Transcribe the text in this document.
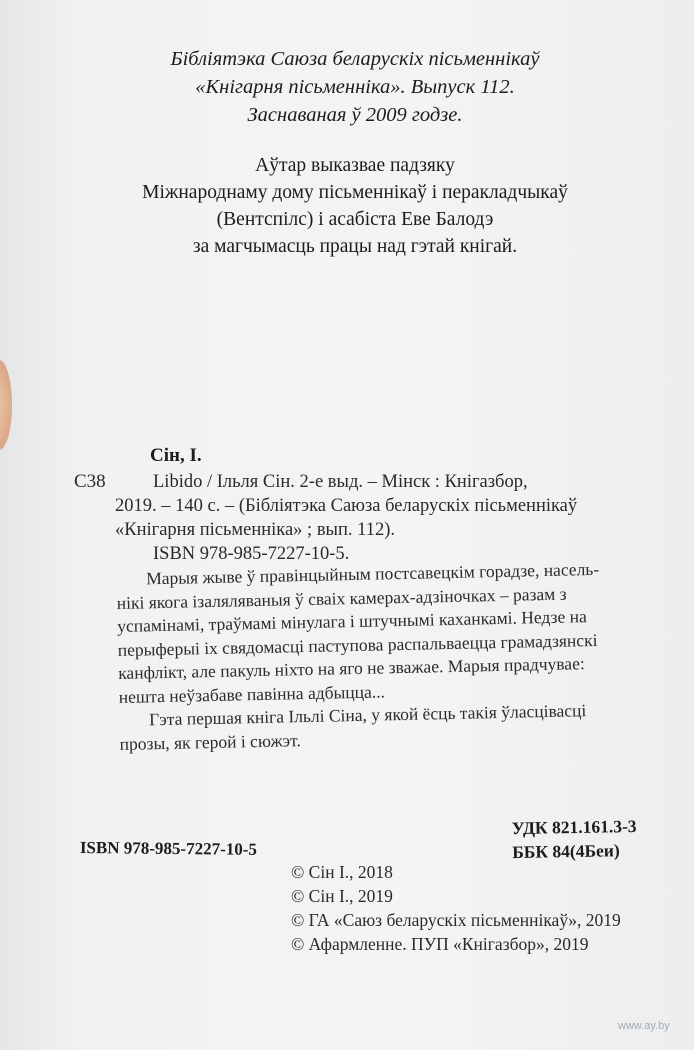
Бібліятэка Саюза беларускіх пісьменнікаў
«Кнігарня пісьменніка». Выпуск 112.
Заснаваная ў 2009 годзе.
Аўтар выказвае падзяку
Міжнароднаму дому пісьменнікаў і перакладчыкаў
(Вентспілс) і асабіста Еве Балодэ
за магчымасць працы над гэтай кнігай.
Сін, І.
С38	Libido / Ільля Сін. 2-е выд. – Мінск : Кнігазбор,
2019. – 140 с. – (Бібліятэка Саюза беларускіх пісьменнікаў
«Кнігарня пісьменніка» ; вып. 112).
ISBN 978-985-7227-10-5.
Марыя жыве ў правінцыйным постсавецкім горадзе, насель-
нікі якога ізаляляваныя ў сваіх камерах-адзіночках – разам з
успамінамі, траўмамі мінулага і штучнымі каханкамі. Недзе на
перыферыі іх свядомасці паступова распальваецца грамадзянскі
канфлікт, але пакуль ніхто на яго не зважае. Марыя прадчувае:
нешта неўзабаве павінна адбыцца...
Гэта першая кніга Ільлі Сіна, у якой ёсць такія ўласцівасці
прозы, як герой і сюжэт.
УДК 821.161.3-3
ББК 84(4Беи)
ISBN 978-985-7227-10-5
© Сін І., 2018
© Сін І., 2019
© ГА «Саюз беларускіх пісьменнікаў», 2019
© Афармленне. ПУП «Кнігазбор», 2019
www.ay.by
